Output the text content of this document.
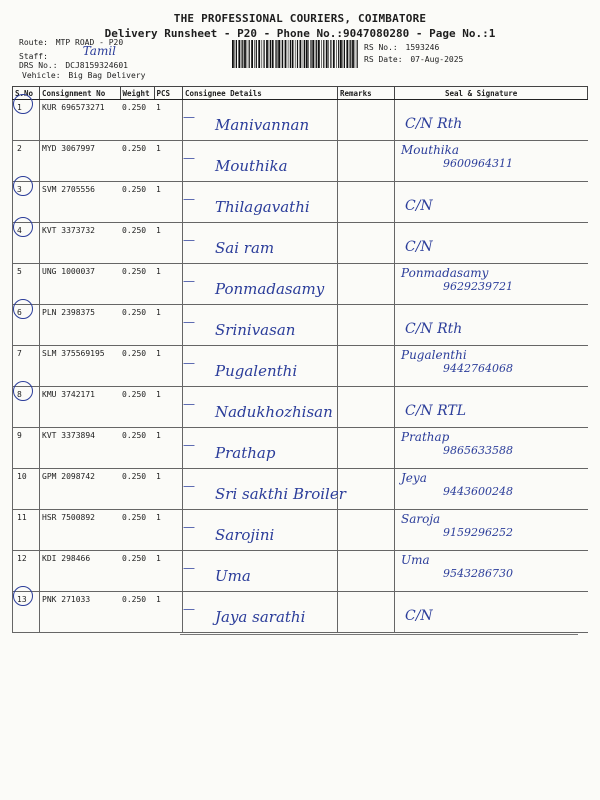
THE PROFESSIONAL COURIERS, COIMBATORE
Delivery Runsheet - P20 - Phone No.:9047080280 - Page No.:1
Route: MTP ROAD - P20
Staff:	Tamil
DRS No.: DCJ8159324601
Vehicle: Big Bag Delivery
RS No.: 1593246
RS Date: 07-Aug-2025
S.No	Consignment No	Weight	PCS	Consignee Details	Remarks	Seal & Signature

1	KUR 696573271	0.250	1	— Manivannan		C/N Rth

2	MYD 3067997	0.250	1	— Mouthika		Mouthika
9600964311

3	SVM 2705556	0.250	1	— Thilagavathi		C/N

4	KVT 3373732	0.250	1	— Sai ram		C/N

5	UNG 1000037	0.250	1	— Ponmadasamy		Ponmadasamy
9629239721

6	PLN 2398375	0.250	1	— Srinivasan		C/N Rth

7	SLM 375569195	0.250	1	— Pugalenthi		Pugalenthi
9442764068

8	KMU 3742171	0.250	1	— Nadukhozhisan		C/N RTL

9	KVT 3373894	0.250	1	— Prathap		Prathap
9865633588

10	GPM 2098742	0.250	1	— Sri sakthi Broiler		Jeya
9443600248

11	HSR 7500892	0.250	1	— Sarojini		Saroja
9159296252

12	KDI 298466	0.250	1	— Uma		Uma
9543286730

13	PNK 271033	0.250	1	— Jaya sarathi		C/N
